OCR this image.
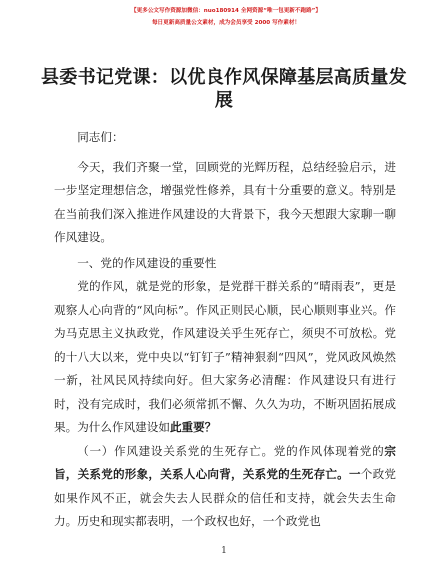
【更多公文写作资源加微信：nuo180914 全网资源“唯一包更新不跑路”】
每日更新高质量公文素材，成为会员享受 2000 写作素材！
县委书记党课：以优良作风保障基层高质量发展

同志们：

今天，我们齐聚一堂，回顾党的光辉历程，总结经验启示，进一步坚定理想信念，增强党性修养，具有十分重要的意义。特别是在当前我们深入推进作风建设的大背景下，我今天想跟大家聊一聊作风建设。

一、党的作风建设的重要性

党的作风，就是党的形象，是党群干群关系的“晴雨表”，更是观察人心向背的“风向标”。作风正则民心顺，民心顺则事业兴。作为马克思主义执政党，作风建设关乎生死存亡，须臾不可放松。党的十八大以来，党中央以“钉钉子”精神狠刹“四风”，党风政风焕然一新，社风民风持续向好。但大家务必清醒：作风建设只有进行时，没有完成时，我们必须常抓不懈、久久为功，不断巩固拓展成果。为什么作风建设如此重要？

（一）作风建设关系党的生死存亡。党的作风体现着党的宗旨，关系党的形象，关系人心向背，关系党的生死存亡。一个政党如果作风不正，就会失去人民群众的信任和支持，就会失去生命力。历史和现实都表明，一个政权也好，一个政党也

1
